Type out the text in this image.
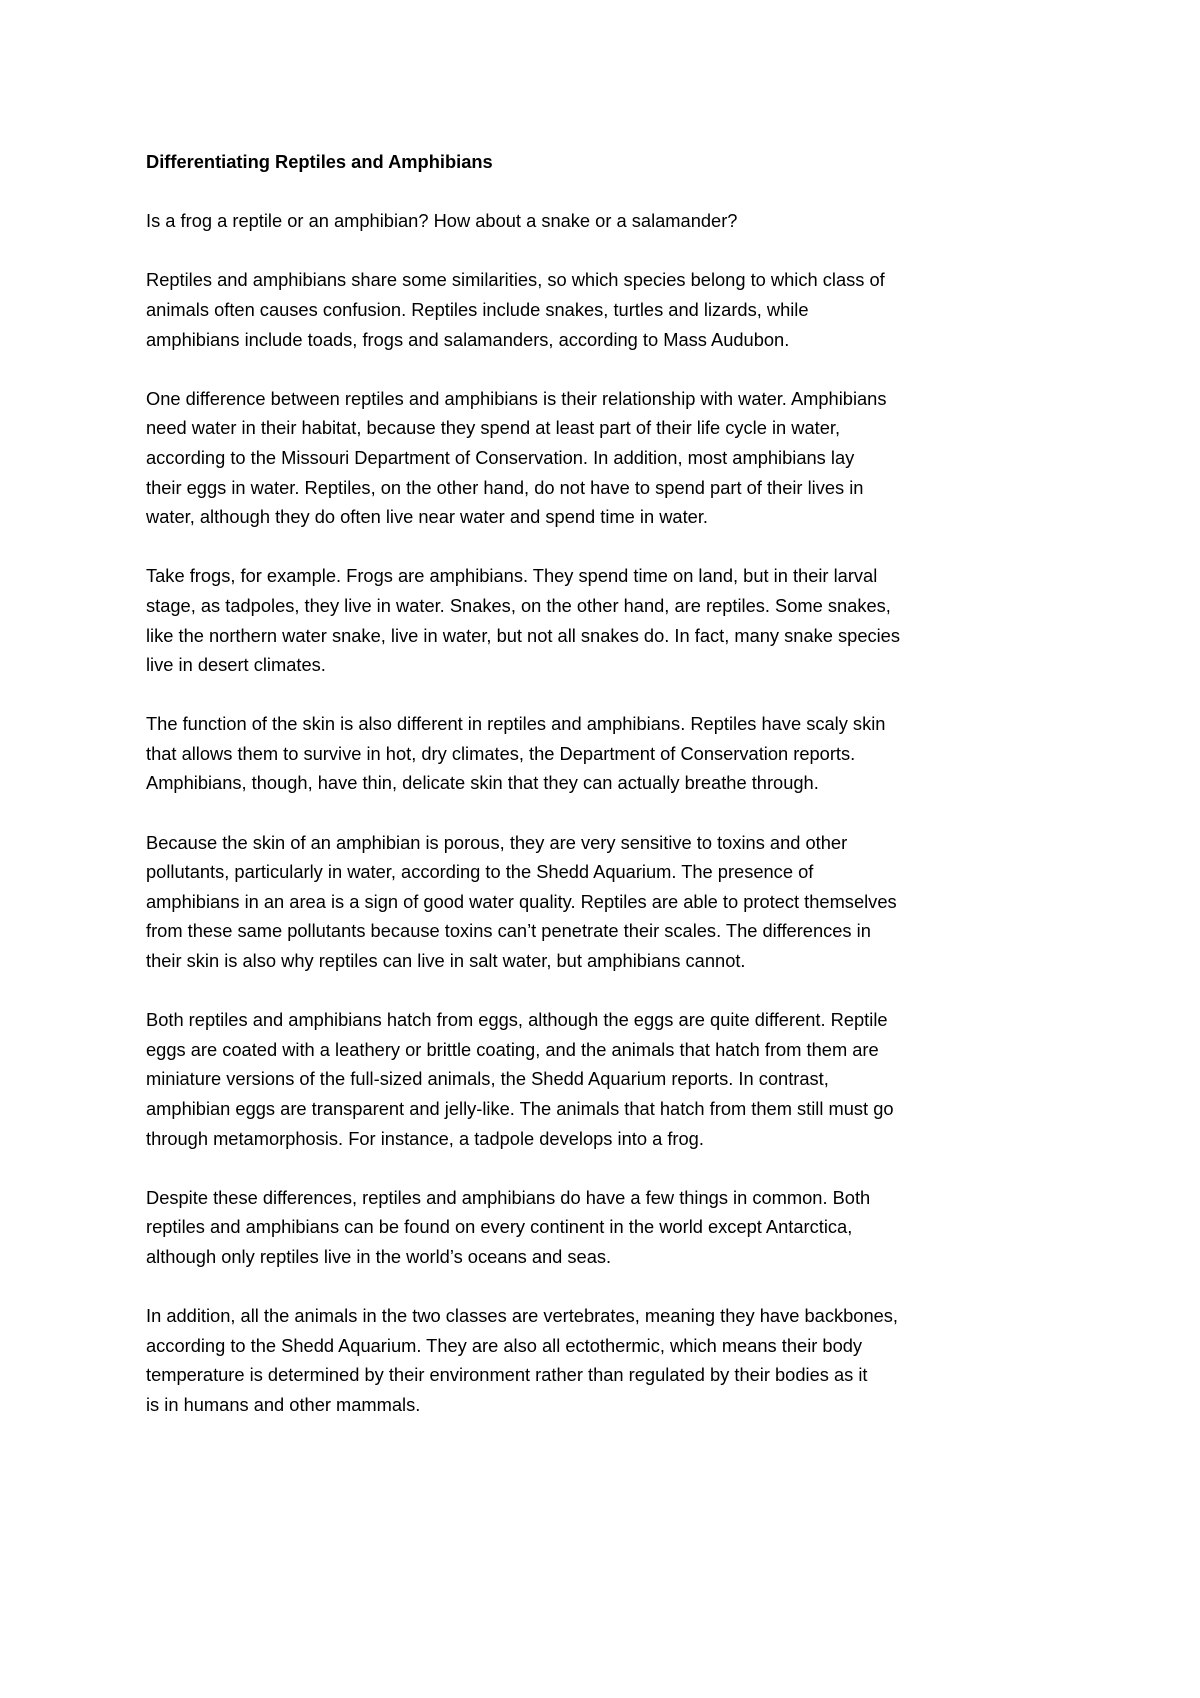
Differentiating Reptiles and Amphibians
Is a frog a reptile or an amphibian? How about a snake or a salamander?
Reptiles and amphibians share some similarities, so which species belong to which class of
animals often causes confusion. Reptiles include snakes, turtles and lizards, while
amphibians include toads, frogs and salamanders, according to Mass Audubon.
One difference between reptiles and amphibians is their relationship with water. Amphibians
need water in their habitat, because they spend at least part of their life cycle in water,
according to the Missouri Department of Conservation. In addition, most amphibians lay
their eggs in water. Reptiles, on the other hand, do not have to spend part of their lives in
water, although they do often live near water and spend time in water.
Take frogs, for example. Frogs are amphibians. They spend time on land, but in their larval
stage, as tadpoles, they live in water. Snakes, on the other hand, are reptiles. Some snakes,
like the northern water snake, live in water, but not all snakes do. In fact, many snake species
live in desert climates.
The function of the skin is also different in reptiles and amphibians. Reptiles have scaly skin
that allows them to survive in hot, dry climates, the Department of Conservation reports.
Amphibians, though, have thin, delicate skin that they can actually breathe through.
Because the skin of an amphibian is porous, they are very sensitive to toxins and other
pollutants, particularly in water, according to the Shedd Aquarium. The presence of
amphibians in an area is a sign of good water quality. Reptiles are able to protect themselves
from these same pollutants because toxins can’t penetrate their scales. The differences in
their skin is also why reptiles can live in salt water, but amphibians cannot.
Both reptiles and amphibians hatch from eggs, although the eggs are quite different. Reptile
eggs are coated with a leathery or brittle coating, and the animals that hatch from them are
miniature versions of the full-sized animals, the Shedd Aquarium reports. In contrast,
amphibian eggs are transparent and jelly-like. The animals that hatch from them still must go
through metamorphosis. For instance, a tadpole develops into a frog.
Despite these differences, reptiles and amphibians do have a few things in common. Both
reptiles and amphibians can be found on every continent in the world except Antarctica,
although only reptiles live in the world’s oceans and seas.
In addition, all the animals in the two classes are vertebrates, meaning they have backbones,
according to the Shedd Aquarium. They are also all ectothermic, which means their body
temperature is determined by their environment rather than regulated by their bodies as it
is in humans and other mammals.
